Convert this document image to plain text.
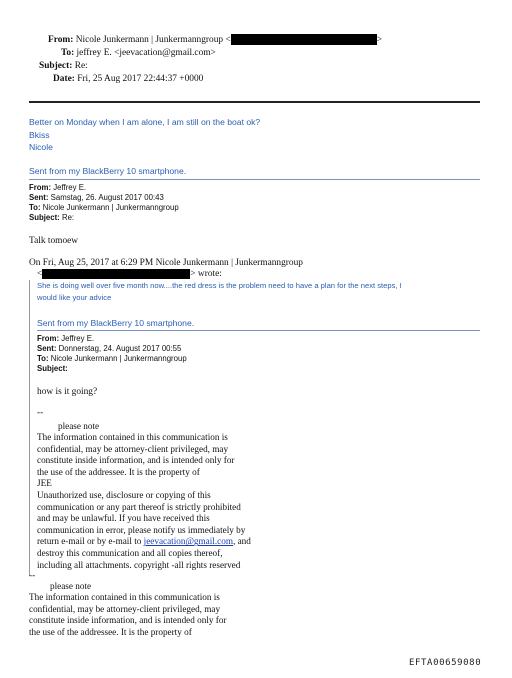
From: Nicole Junkermann | Junkermanngroup <	>
To: jeffrey E. <jeevacation@gmail.com>
Subject: Re:
Date: Fri, 25 Aug 2017 22:44:37 +0000
Better on Monday when I am alone, I am still on the boat ok?
Bkiss
Nicole
Sent from my BlackBerry 10 smartphone.
From: Jeffrey E.
Sent: Samstag, 26. August 2017 00:43
To: Nicole Junkermann | Junkermanngroup
Subject: Re:
Talk tomoew
On Fri, Aug 25, 2017 at 6:29 PM Nicole Junkermann | Junkermanngroup
<	> wrote:
She is doing well over five month now....the red dress is the problem need to have a plan for the next steps, I
would like your advice
Sent from my BlackBerry 10 smartphone.
From: Jeffrey E.
Sent: Donnerstag, 24. August 2017 00:55
To: Nicole Junkermann | Junkermanngroup
Subject:
how is it going?
--
please note
The information contained in this communication is
confidential, may be attorney-client privileged, may
constitute inside information, and is intended only for
the use of the addressee. It is the property of
JEE
Unauthorized use, disclosure or copying of this
communication or any part thereof is strictly prohibited
and may be unlawful. If you have received this
communication in error, please notify us immediately by
return e-mail or by e-mail to jeevacation@gmail.com, and
destroy this communication and all copies thereof,
including all attachments. copyright -all rights reserved
--
please note
The information contained in this communication is
confidential, may be attorney-client privileged, may
constitute inside information, and is intended only for
the use of the addressee. It is the property of
EFTA00659080
